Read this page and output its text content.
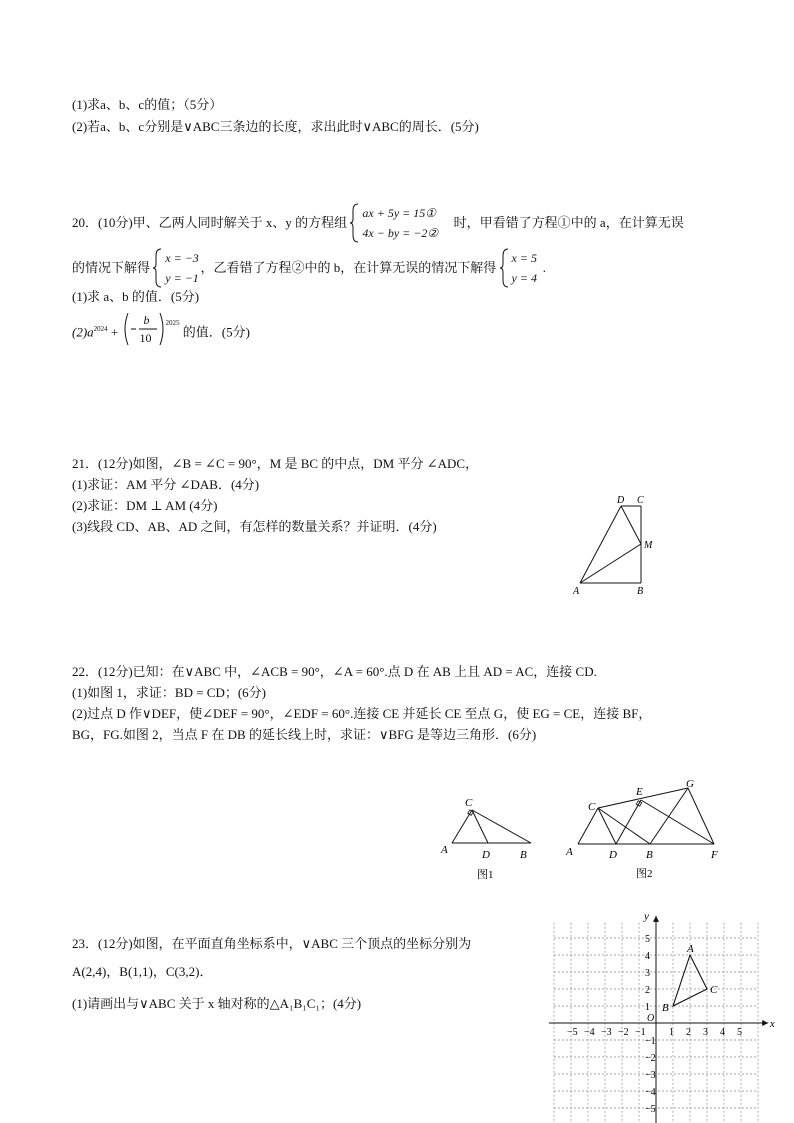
(1)求a、b、c的值；（5分）
(2)若a、b、c分别是∨ABC三条边的长度，求出此时∨ABC的周长．(5分)
20．(10分)甲、乙两人同时解关于 x、y 的方程组
ax + 5y = 15①
4x − by = −2②
时，甲看错了方程①中的 a，在计算无误
的情况下解得
x = −3
y = −1
，乙看错了方程②中的 b，在计算无误的情况下解得
x = 5
y = 4
.
(1)求 a、b 的值．(5分)
$(2)a^{2024}$ +
b
10
$^{2025}$ 的值．(5分)
21．(12分)如图，∠B = ∠C = 90°，M 是 BC 的中点，DM 平分 ∠ADC，
(1)求证：AM 平分 ∠DAB．(4分)
(2)求证：DM ⊥ AM (4分)
(3)线段 CD、AB、AD 之间，有怎样的数量关系？并证明．(4分)
D C
M
A	B
22．(12分)已知：在∨ABC 中，∠ACB = 90°，∠A = 60°.点 D 在 AB 上且 AD = AC，连接 CD.
(1)如图 1，求证：BD = CD；(6分)
(2)过点 D 作∨DEF，使∠DEF = 90°，∠EDF = 60°.连接 CE 并延长 CE 至点 G，使 EG = CE，连接 BF，
BG，FG.如图 2，当点 F 在 DB 的延长线上时，求证：∨BFG 是等边三角形．(6分)
C
A	D	B
图1
C
E
G
A	D	B	F
图2
23．(12分)如图，在平面直角坐标系中，∨ABC 三个顶点的坐标分别为
A(2,4)，B(1,1)，C(3,2)．
(1)请画出与∨ABC 关于 x 轴对称的△A₁B₁C₁；(4分)
−5 −4 −3 −2 −1 1 2 3 4 5
5
4
3
2
1
−1
−2
−3
−4
−5
O	x
y
A
B
C
